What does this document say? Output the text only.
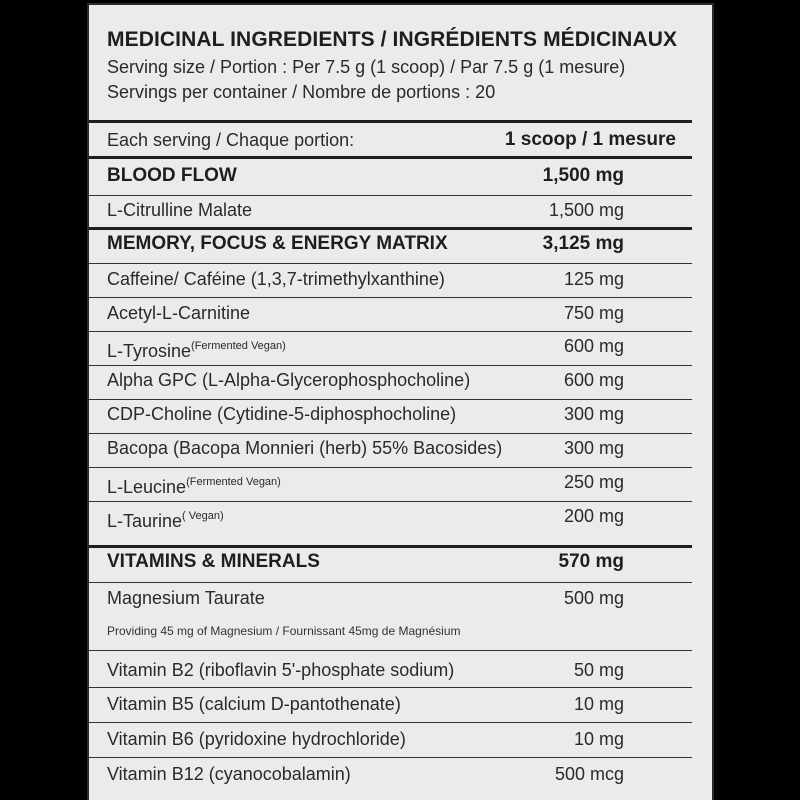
MEDICINAL INGREDIENTS / INGRÉDIENTS MÉDICINAUX
Serving size / Portion : Per 7.5 g (1 scoop) / Par 7.5 g (1 mesure)
Servings per container / Nombre de portions : 20
Each serving / Chaque portion:	1 scoop / 1 mesure
BLOOD FLOW	1,500 mg
L-Citrulline Malate	1,500 mg
MEMORY, FOCUS & ENERGY MATRIX	3,125 mg
Caffeine/ Caféine (1,3,7-trimethylxanthine)	125 mg
Acetyl-L-Carnitine	750 mg
L-Tyrosine$^{(Fermented Vegan)}$	600 mg
Alpha GPC (L-Alpha-Glycerophosphocholine)	600 mg
CDP-Choline (Cytidine-5-diphosphocholine)	300 mg
Bacopa (Bacopa Monnieri (herb) 55% Bacosides)	300 mg
L-Leucine$^{(Fermented Vegan)}$	250 mg
L-Taurine$^{( Vegan)}$	200 mg
VITAMINS & MINERALS	570 mg
Magnesium Taurate	500 mg
Providing 45 mg of Magnesium / Fournissant 45mg de Magnésium
Vitamin B2 (riboflavin 5'-phosphate sodium)	50 mg
Vitamin B5 (calcium D-pantothenate)	10 mg
Vitamin B6 (pyridoxine hydrochloride)	10 mg
Vitamin B12 (cyanocobalamin)	500 mcg
